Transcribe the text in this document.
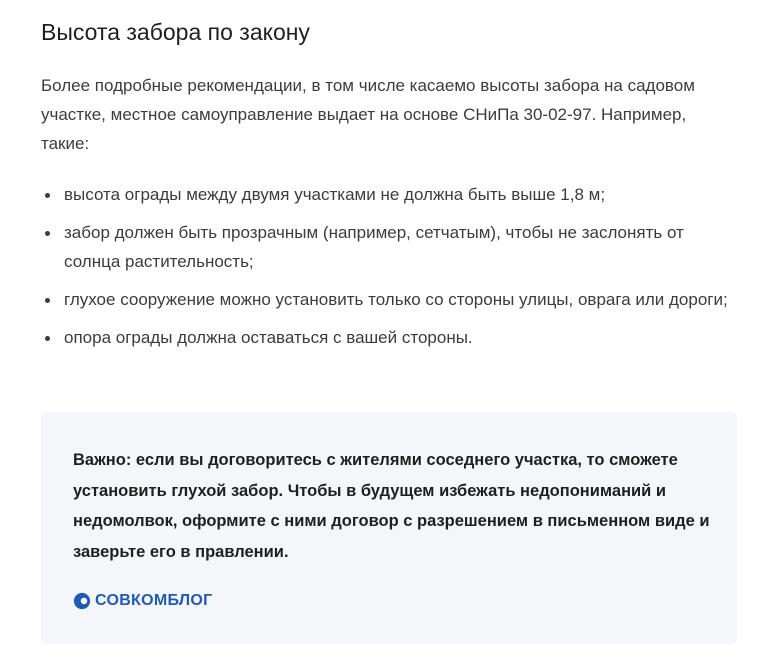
Высота забора по закону

Более подробные рекомендации, в том числе касаемо высоты забора на садовом участке, местное самоуправление выдает на основе СНиПа 30-02-97. Например, такие:

высота ограды между двумя участками не должна быть выше 1,8 м;
забор должен быть прозрачным (например, сетчатым), чтобы не заслонять от солнца растительность;
глухое сооружение можно установить только со стороны улицы, оврага или дороги;
опора ограды должна оставаться с вашей стороны.

Важно: если вы договоритесь с жителями соседнего участка, то сможете установить глухой забор. Чтобы в будущем избежать недопониманий и недомолвок, оформите с ними договор с разрешением в письменном виде и заверьте его в правлении.

СОВКОМБЛОГ
